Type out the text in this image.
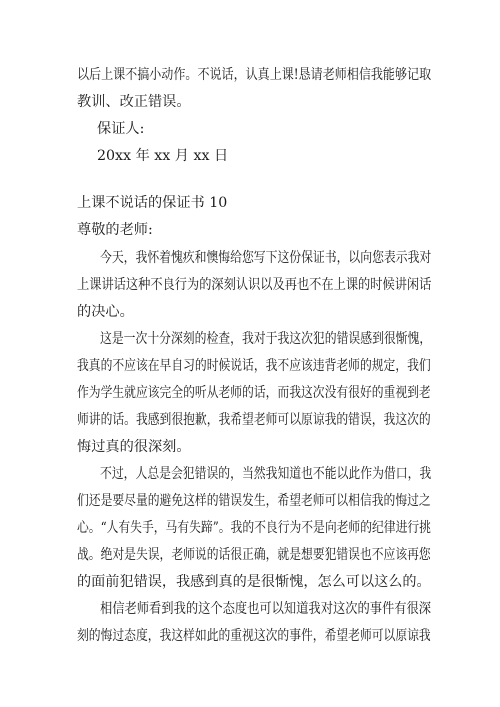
以后上课不搞小动作。不说话，认真上课!恳请老师相信我能够记取
教训、改正错误。
保证人:
20xx 年 xx 月 xx 日
上课不说话的保证书 10
尊敬的老师:
今天，我怀着愧疚和懊悔给您写下这份保证书，以向您表示我对
上课讲话这种不良行为的深刻认识以及再也不在上课的时候讲闲话
的决心。
这是一次十分深刻的检查，我对于我这次犯的错误感到很惭愧，
我真的不应该在早自习的时候说话，我不应该违背老师的规定，我们
作为学生就应该完全的听从老师的话，而我这次没有很好的重视到老
师讲的话。我感到很抱歉，我希望老师可以原谅我的错误，我这次的
悔过真的很深刻。
不过，人总是会犯错误的，当然我知道也不能以此作为借口，我
们还是要尽量的避免这样的错误发生，希望老师可以相信我的悔过之
心。“人有失手，马有失蹄”。我的不良行为不是向老师的纪律进行挑
战。绝对是失误，老师说的话很正确，就是想要犯错误也不应该再您
的面前犯错误，我感到真的是很惭愧，怎么可以这么的。
相信老师看到我的这个态度也可以知道我对这次的事件有很深
刻的悔过态度，我这样如此的重视这次的事件，希望老师可以原谅我
